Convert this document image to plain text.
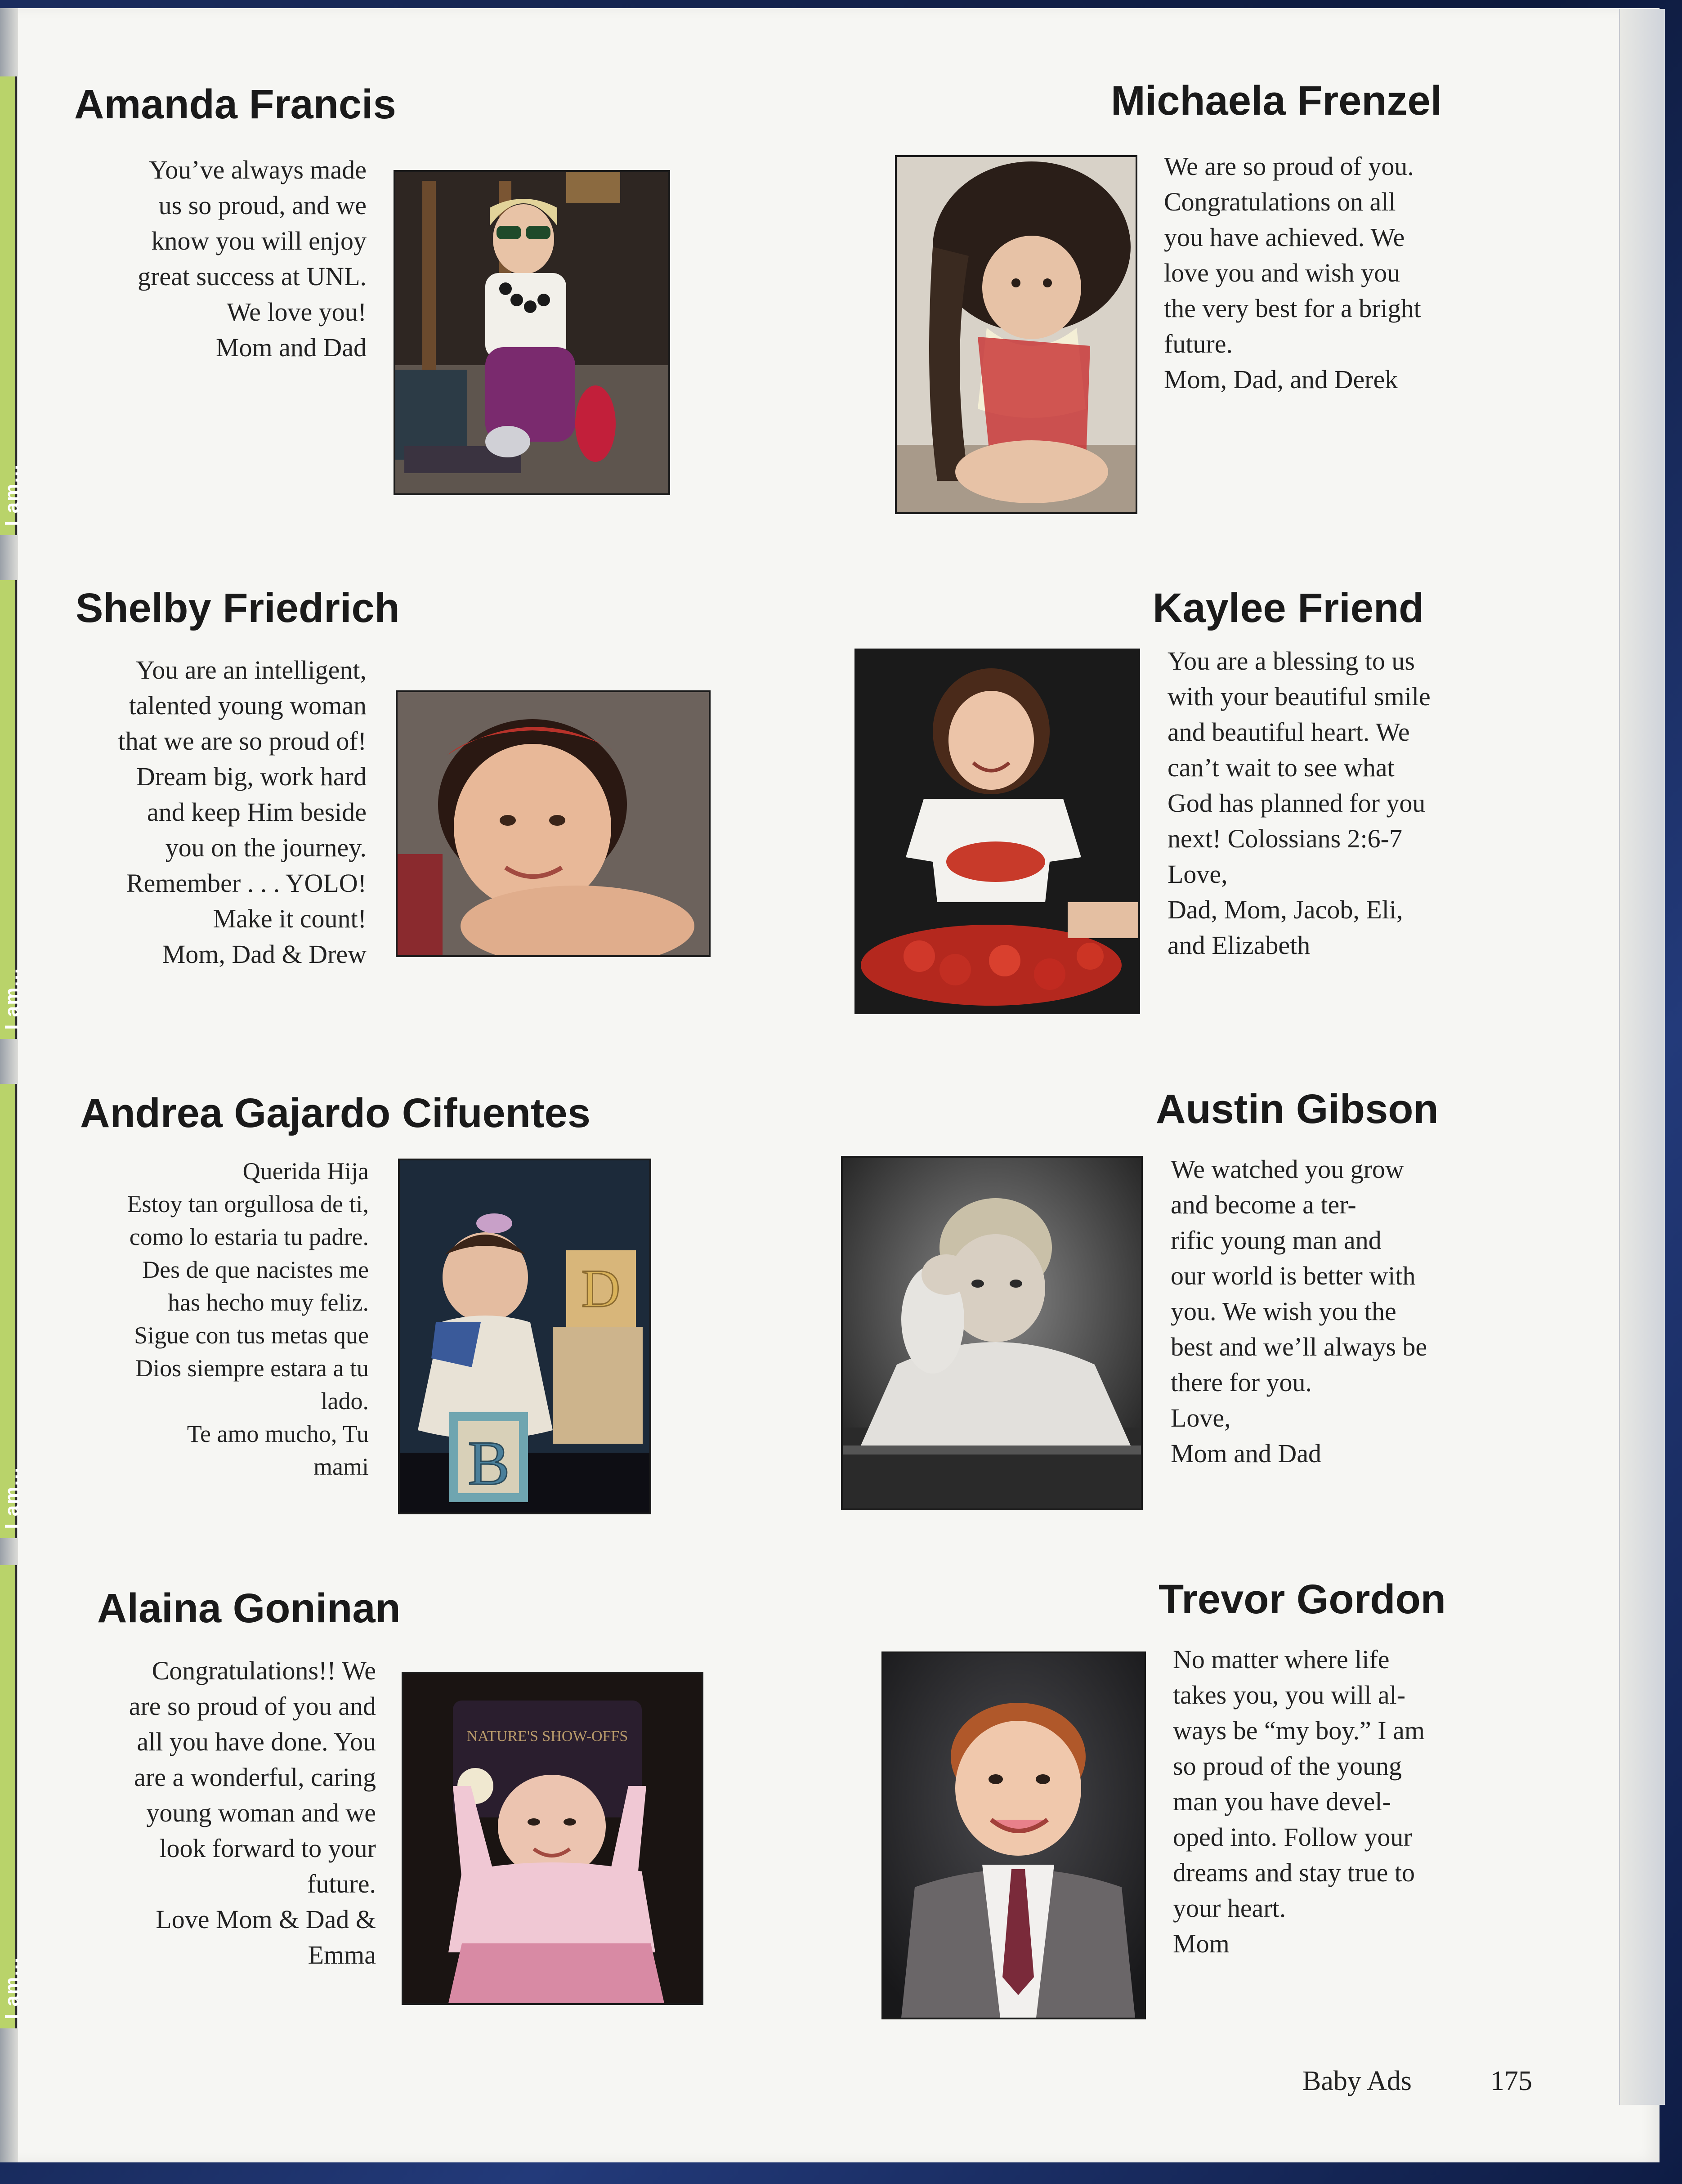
I am...
I am...
I am...
I am...
Amanda Francis
You’ve always made
us so proud, and we
know you will enjoy
great success at UNL.
We love you!
Mom and Dad
Michaela Frenzel
We are so proud of you.
Congratulations on all
you have achieved. We
love you and wish you
the very best for a bright
future.
Mom, Dad, and Derek
Shelby Friedrich
You are an intelligent,
talented young woman
that we are so proud of!
Dream big, work hard
and keep Him beside
you on the journey.
Remember . . . YOLO!
Make it count!
Mom, Dad & Drew
Kaylee Friend
You are a blessing to us
with your beautiful smile
and beautiful heart. We
can’t wait to see what
God has planned for you
next! Colossians 2:6-7
Love,
Dad, Mom, Jacob, Eli,
and Elizabeth
Andrea Gajardo Cifuentes
Querida Hija
Estoy tan orgullosa de ti,
como lo estaria tu padre.
Des de que nacistes me
has hecho muy feliz.
Sigue con tus metas que
Dios siempre estara a tu
lado.
Te amo mucho, Tu
mami
D
B
Austin Gibson
We watched you grow
and become a ter-
rific young man and
our world is better with
you. We wish you the
best and we’ll always be
there for you.
Love,
Mom and Dad
Alaina Goninan
Congratulations!! We
are so proud of you and
all you have done. You
are a wonderful, caring
young woman and we
look forward to your
future.
Love Mom & Dad &
Emma
NATURE'S SHOW-OFFS
Trevor Gordon
No matter where life
takes you, you will al-
ways be “my boy.” I am
so proud of the young
man you have devel-
oped into. Follow your
dreams and stay true to
your heart.
Mom
Baby Ads	175
